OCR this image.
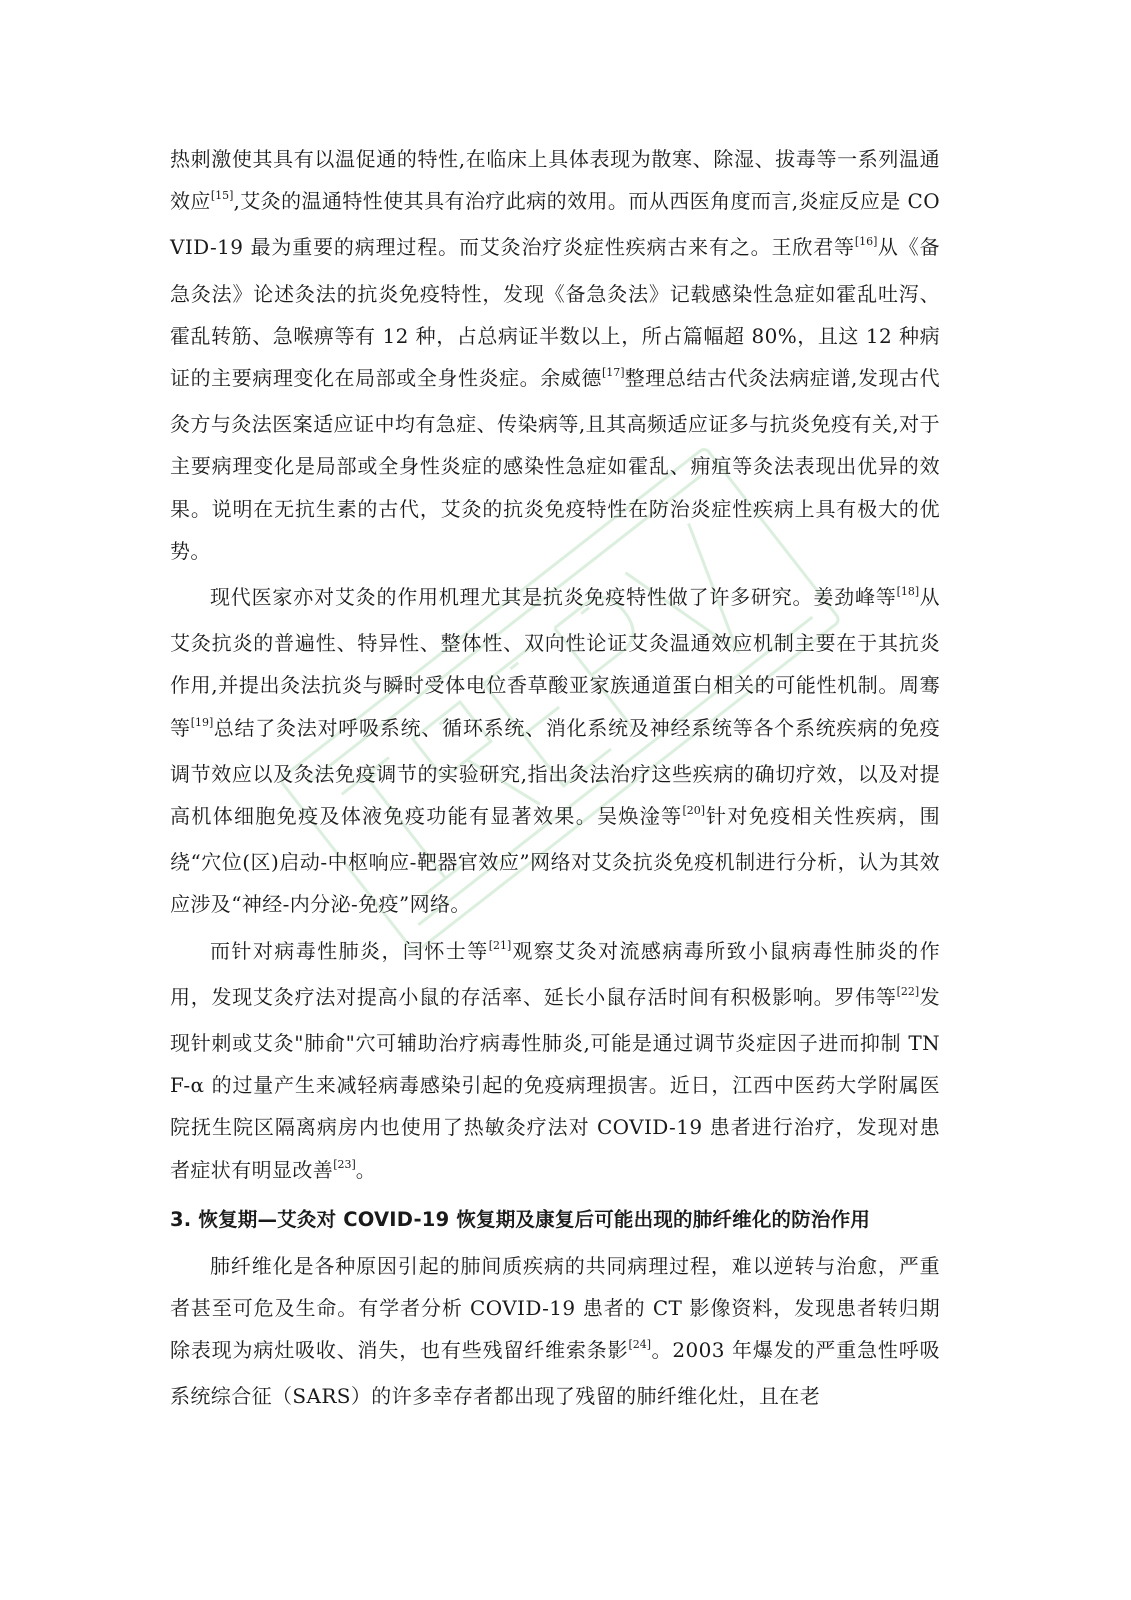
热刺激使其具有以温促通的特性,在临床上具体表现为散寒、除湿、拔毒等一系列温通效应[15],艾灸的温通特性使其具有治疗此病的效用。而从西医角度而言,炎症反应是 COVID-19 最为重要的病理过程。而艾灸治疗炎症性疾病古来有之。王欣君等[16]从《备急灸法》论述灸法的抗炎免疫特性，发现《备急灸法》记载感染性急症如霍乱吐泻、霍乱转筋、急喉痹等有 12 种，占总病证半数以上，所占篇幅超 80%，且这 12 种病证的主要病理变化在局部或全身性炎症。余威德[17]整理总结古代灸法病症谱,发现古代灸方与灸法医案适应证中均有急症、传染病等,且其高频适应证多与抗炎免疫有关,对于主要病理变化是局部或全身性炎症的感染性急症如霍乱、痈疽等灸法表现出优异的效果。说明在无抗生素的古代，艾灸的抗炎免疫特性在防治炎症性疾病上具有极大的优势。

现代医家亦对艾灸的作用机理尤其是抗炎免疫特性做了许多研究。姜劲峰等[18]从艾灸抗炎的普遍性、特异性、整体性、双向性论证艾灸温通效应机制主要在于其抗炎作用,并提出灸法抗炎与瞬时受体电位香草酸亚家族通道蛋白相关的可能性机制。周骞等[19]总结了灸法对呼吸系统、循环系统、消化系统及神经系统等各个系统疾病的免疫调节效应以及灸法免疫调节的实验研究,指出灸法治疗这些疾病的确切疗效，以及对提高机体细胞免疫及体液免疫功能有显著效果。吴焕淦等[20]针对免疫相关性疾病，围绕“穴位(区)启动-中枢响应-靶器官效应”网络对艾灸抗炎免疫机制进行分析，认为其效应涉及“神经-内分泌-免疫”网络。

而针对病毒性肺炎，闫怀士等[21]观察艾灸对流感病毒所致小鼠病毒性肺炎的作用，发现艾灸疗法对提高小鼠的存活率、延长小鼠存活时间有积极影响。罗伟等[22]发现针刺或艾灸"肺俞"穴可辅助治疗病毒性肺炎,可能是通过调节炎症因子进而抑制 TNF-α 的过量产生来减轻病毒感染引起的免疫病理损害。近日，江西中医药大学附属医院抚生院区隔离病房内也使用了热敏灸疗法对 COVID-19 患者进行治疗，发现对患者症状有明显改善[23]。

3. 恢复期—艾灸对 COVID-19 恢复期及康复后可能出现的肺纤维化的防治作用

肺纤维化是各种原因引起的肺间质疾病的共同病理过程，难以逆转与治愈，严重者甚至可危及生命。有学者分析 COVID-19 患者的 CT 影像资料，发现患者转归期除表现为病灶吸收、消失，也有些残留纤维索条影[24]。2003 年爆发的严重急性呼吸系统综合征（SARS）的许多幸存者都出现了残留的肺纤维化灶，且在老
